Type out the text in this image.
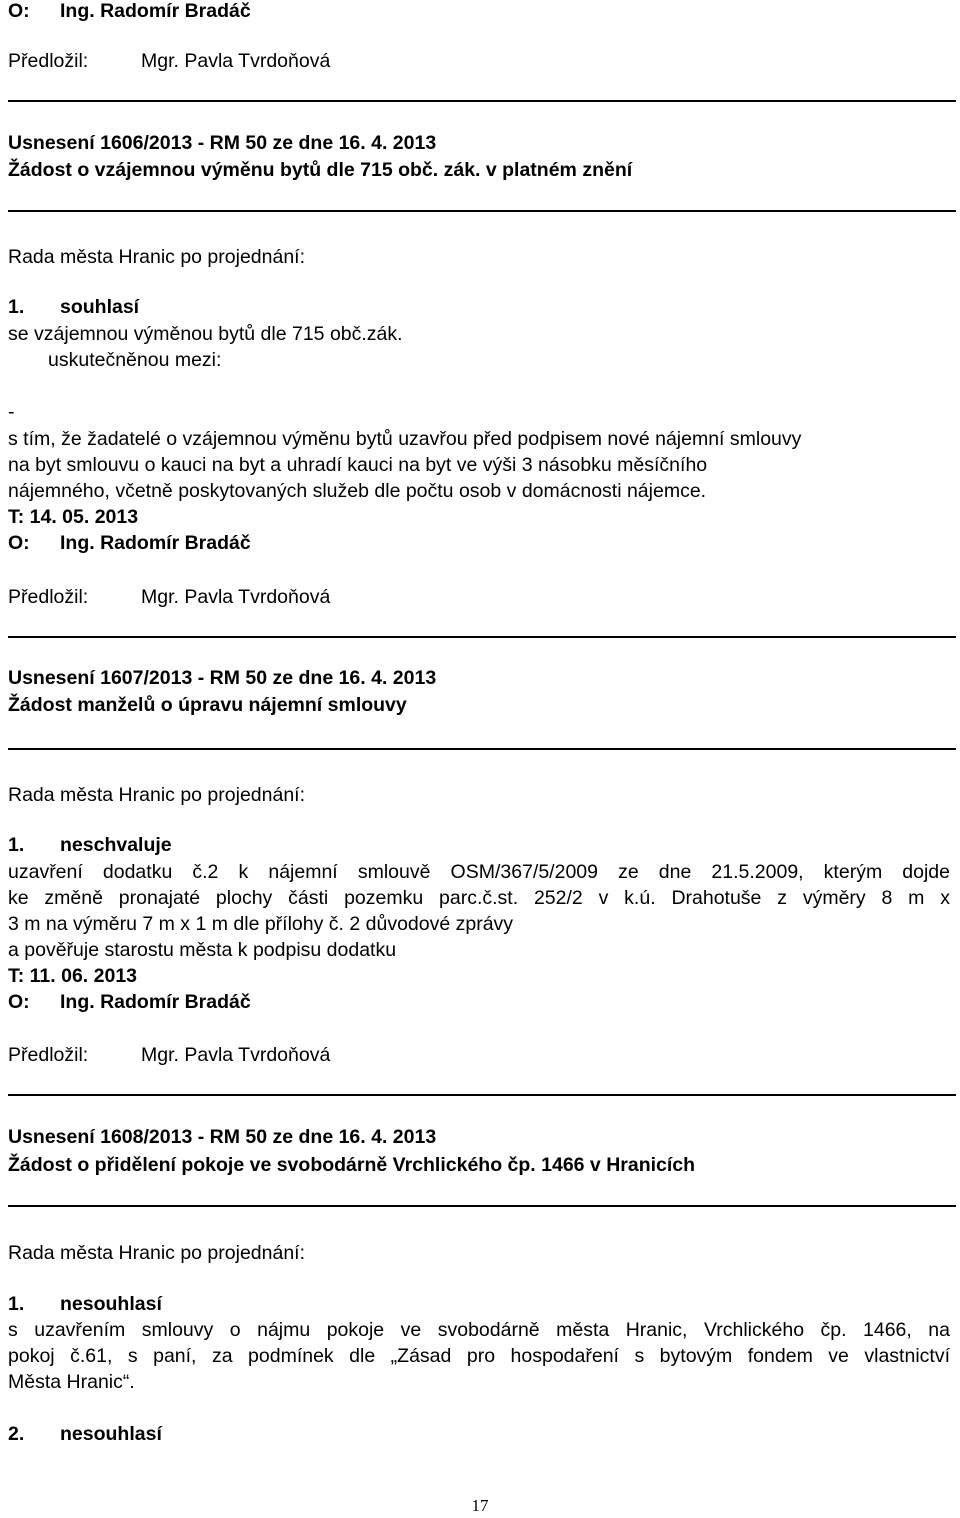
O: Ing. Radomír Bradáč
Předložil:	Mgr. Pavla Tvrdoňová
Usnesení 1606/2013 - RM 50 ze dne 16. 4. 2013
Žádost o vzájemnou výměnu bytů dle 715 obč. zák. v platném znění
Rada města Hranic po projednání:
1. souhlasí
se vzájemnou výměnou bytů dle 715 obč.zák.
uskutečněnou mezi:
-
s tím, že žadatelé o vzájemnou výměnu bytů uzavřou před podpisem nové nájemní smlouvy
na byt smlouvu o kauci na byt a uhradí kauci na byt ve výši 3 násobku měsíčního
nájemného, včetně poskytovaných služeb dle počtu osob v domácnosti nájemce.
T: 14. 05. 2013
O: Ing. Radomír Bradáč
Předložil:	Mgr. Pavla Tvrdoňová
Usnesení 1607/2013 - RM 50 ze dne 16. 4. 2013
Žádost manželů o úpravu nájemní smlouvy
Rada města Hranic po projednání:
1. neschvaluje
uzavření dodatku č.2 k nájemní smlouvě OSM/367/5/2009 ze dne 21.5.2009, kterým dojde
ke změně pronajaté plochy části pozemku parc.č.st. 252/2 v k.ú. Drahotuše z výměry 8 m x
3 m na výměru 7 m x 1 m dle přílohy č. 2 důvodové zprávy
a pověřuje starostu města k podpisu dodatku
T: 11. 06. 2013
O: Ing. Radomír Bradáč
Předložil:	Mgr. Pavla Tvrdoňová
Usnesení 1608/2013 - RM 50 ze dne 16. 4. 2013
Žádost o přidělení pokoje ve svobodárně Vrchlického čp. 1466 v Hranicích
Rada města Hranic po projednání:
1. nesouhlasí
s uzavřením smlouvy o nájmu pokoje ve svobodárně města Hranic, Vrchlického čp. 1466, na
pokoj č.61, s paní, za podmínek dle „Zásad pro hospodaření s bytovým fondem ve vlastnictví
Města Hranic“.
2. nesouhlasí
17
